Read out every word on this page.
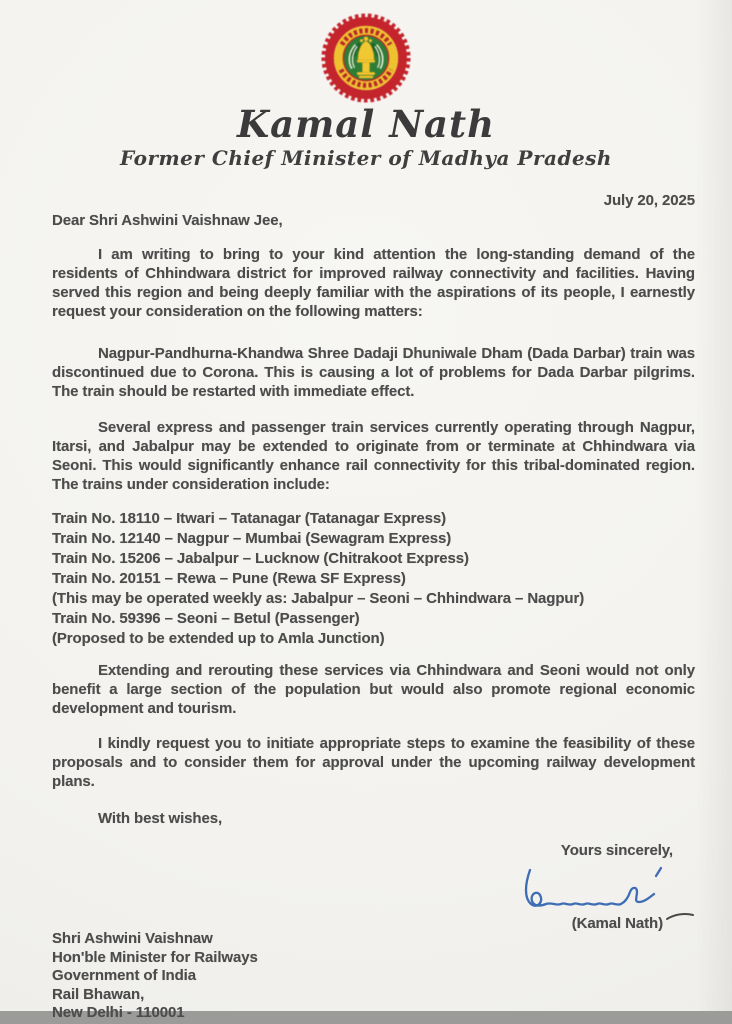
Kamal Nath
Former Chief Minister of Madhya Pradesh
July 20, 2025
Dear Shri Ashwini Vaishnaw Jee,

I am writing to bring to your kind attention the long-standing demand of the residents of Chhindwara district for improved railway connectivity and facilities. Having served this region and being deeply familiar with the aspirations of its people, I earnestly request your consideration on the following matters:

Nagpur-Pandhurna-Khandwa Shree Dadaji Dhuniwale Dham (Dada Darbar) train was discontinued due to Corona. This is causing a lot of problems for Dada Darbar pilgrims. The train should be restarted with immediate effect.

Several express and passenger train services currently operating through Nagpur, Itarsi, and Jabalpur may be extended to originate from or terminate at Chhindwara via Seoni. This would significantly enhance rail connectivity for this tribal-dominated region. The trains under consideration include:

Train No. 18110 – Itwari – Tatanagar (Tatanagar Express)
Train No. 12140 – Nagpur – Mumbai (Sewagram Express)
Train No. 15206 – Jabalpur – Lucknow (Chitrakoot Express)
Train No. 20151 – Rewa – Pune (Rewa SF Express)
(This may be operated weekly as: Jabalpur – Seoni – Chhindwara – Nagpur)
Train No. 59396 – Seoni – Betul (Passenger)
(Proposed to be extended up to Amla Junction)

Extending and rerouting these services via Chhindwara and Seoni would not only benefit a large section of the population but would also promote regional economic development and tourism.

I kindly request you to initiate appropriate steps to examine the feasibility of these proposals and to consider them for approval under the upcoming railway development plans.

With best wishes,
Yours sincerely,
(Kamal Nath)
Shri Ashwini Vaishnaw
Hon'ble Minister for Railways
Government of India
Rail Bhawan,
New Delhi - 110001
